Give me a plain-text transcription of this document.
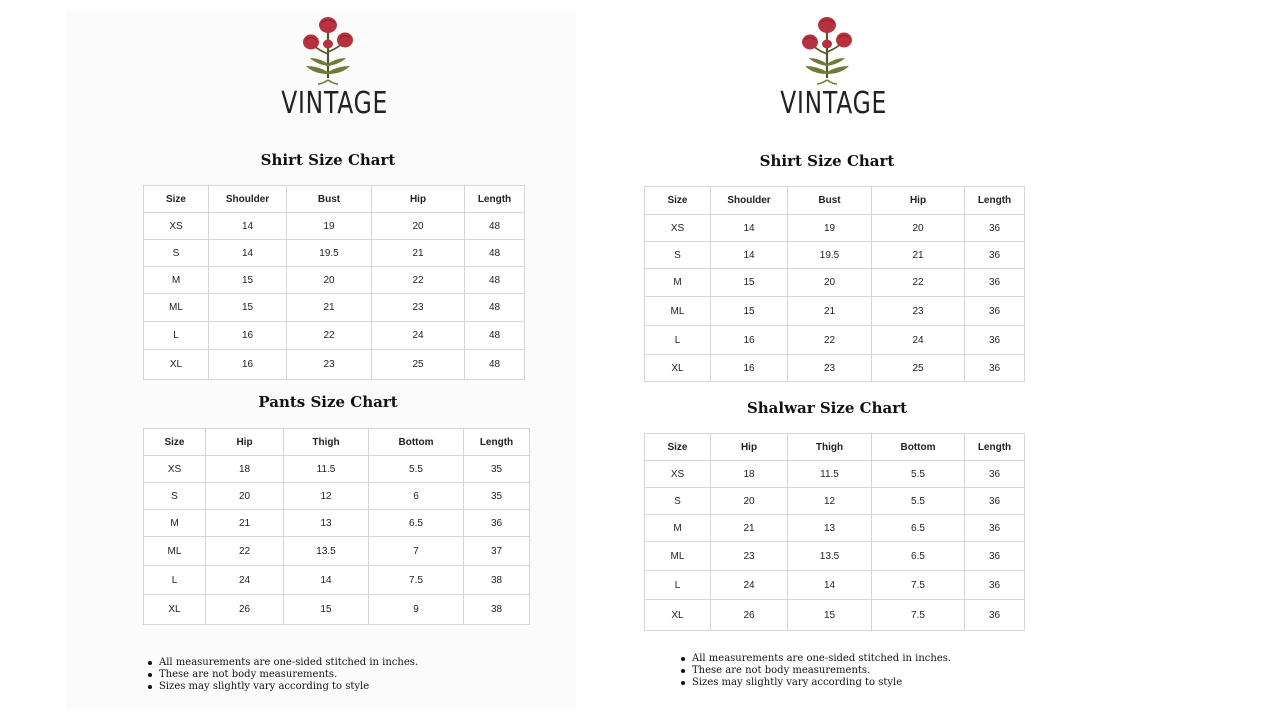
VINTAGE
Shirt Size Chart
Size	Shoulder	Bust	Hip	Length
XS	14	19	20	48
S	14	19.5	21	48
M	15	20	22	48
ML	15	21	23	48
L	16	22	24	48
XL	16	23	25	48
Pants Size Chart
Size	Hip	Thigh	Bottom	Length
XS	18	11.5	5.5	35
S	20	12	6	35
M	21	13	6.5	36
ML	22	13.5	7	37
L	24	14	7.5	38
XL	26	15	9	38
All measurements are one-sided stitched in inches.
These are not body measurements.
Sizes may slightly vary according to style
VINTAGE
Shirt Size Chart
Size	Shoulder	Bust	Hip	Length
XS	14	19	20	36
S	14	19.5	21	36
M	15	20	22	36
ML	15	21	23	36
L	16	22	24	36
XL	16	23	25	36
Shalwar Size Chart
Size	Hip	Thigh	Bottom	Length
XS	18	11.5	5.5	36
S	20	12	5.5	36
M	21	13	6.5	36
ML	23	13.5	6.5	36
L	24	14	7.5	36
XL	26	15	7.5	36
All measurements are one-sided stitched in inches.
These are not body measurements.
Sizes may slightly vary according to style
